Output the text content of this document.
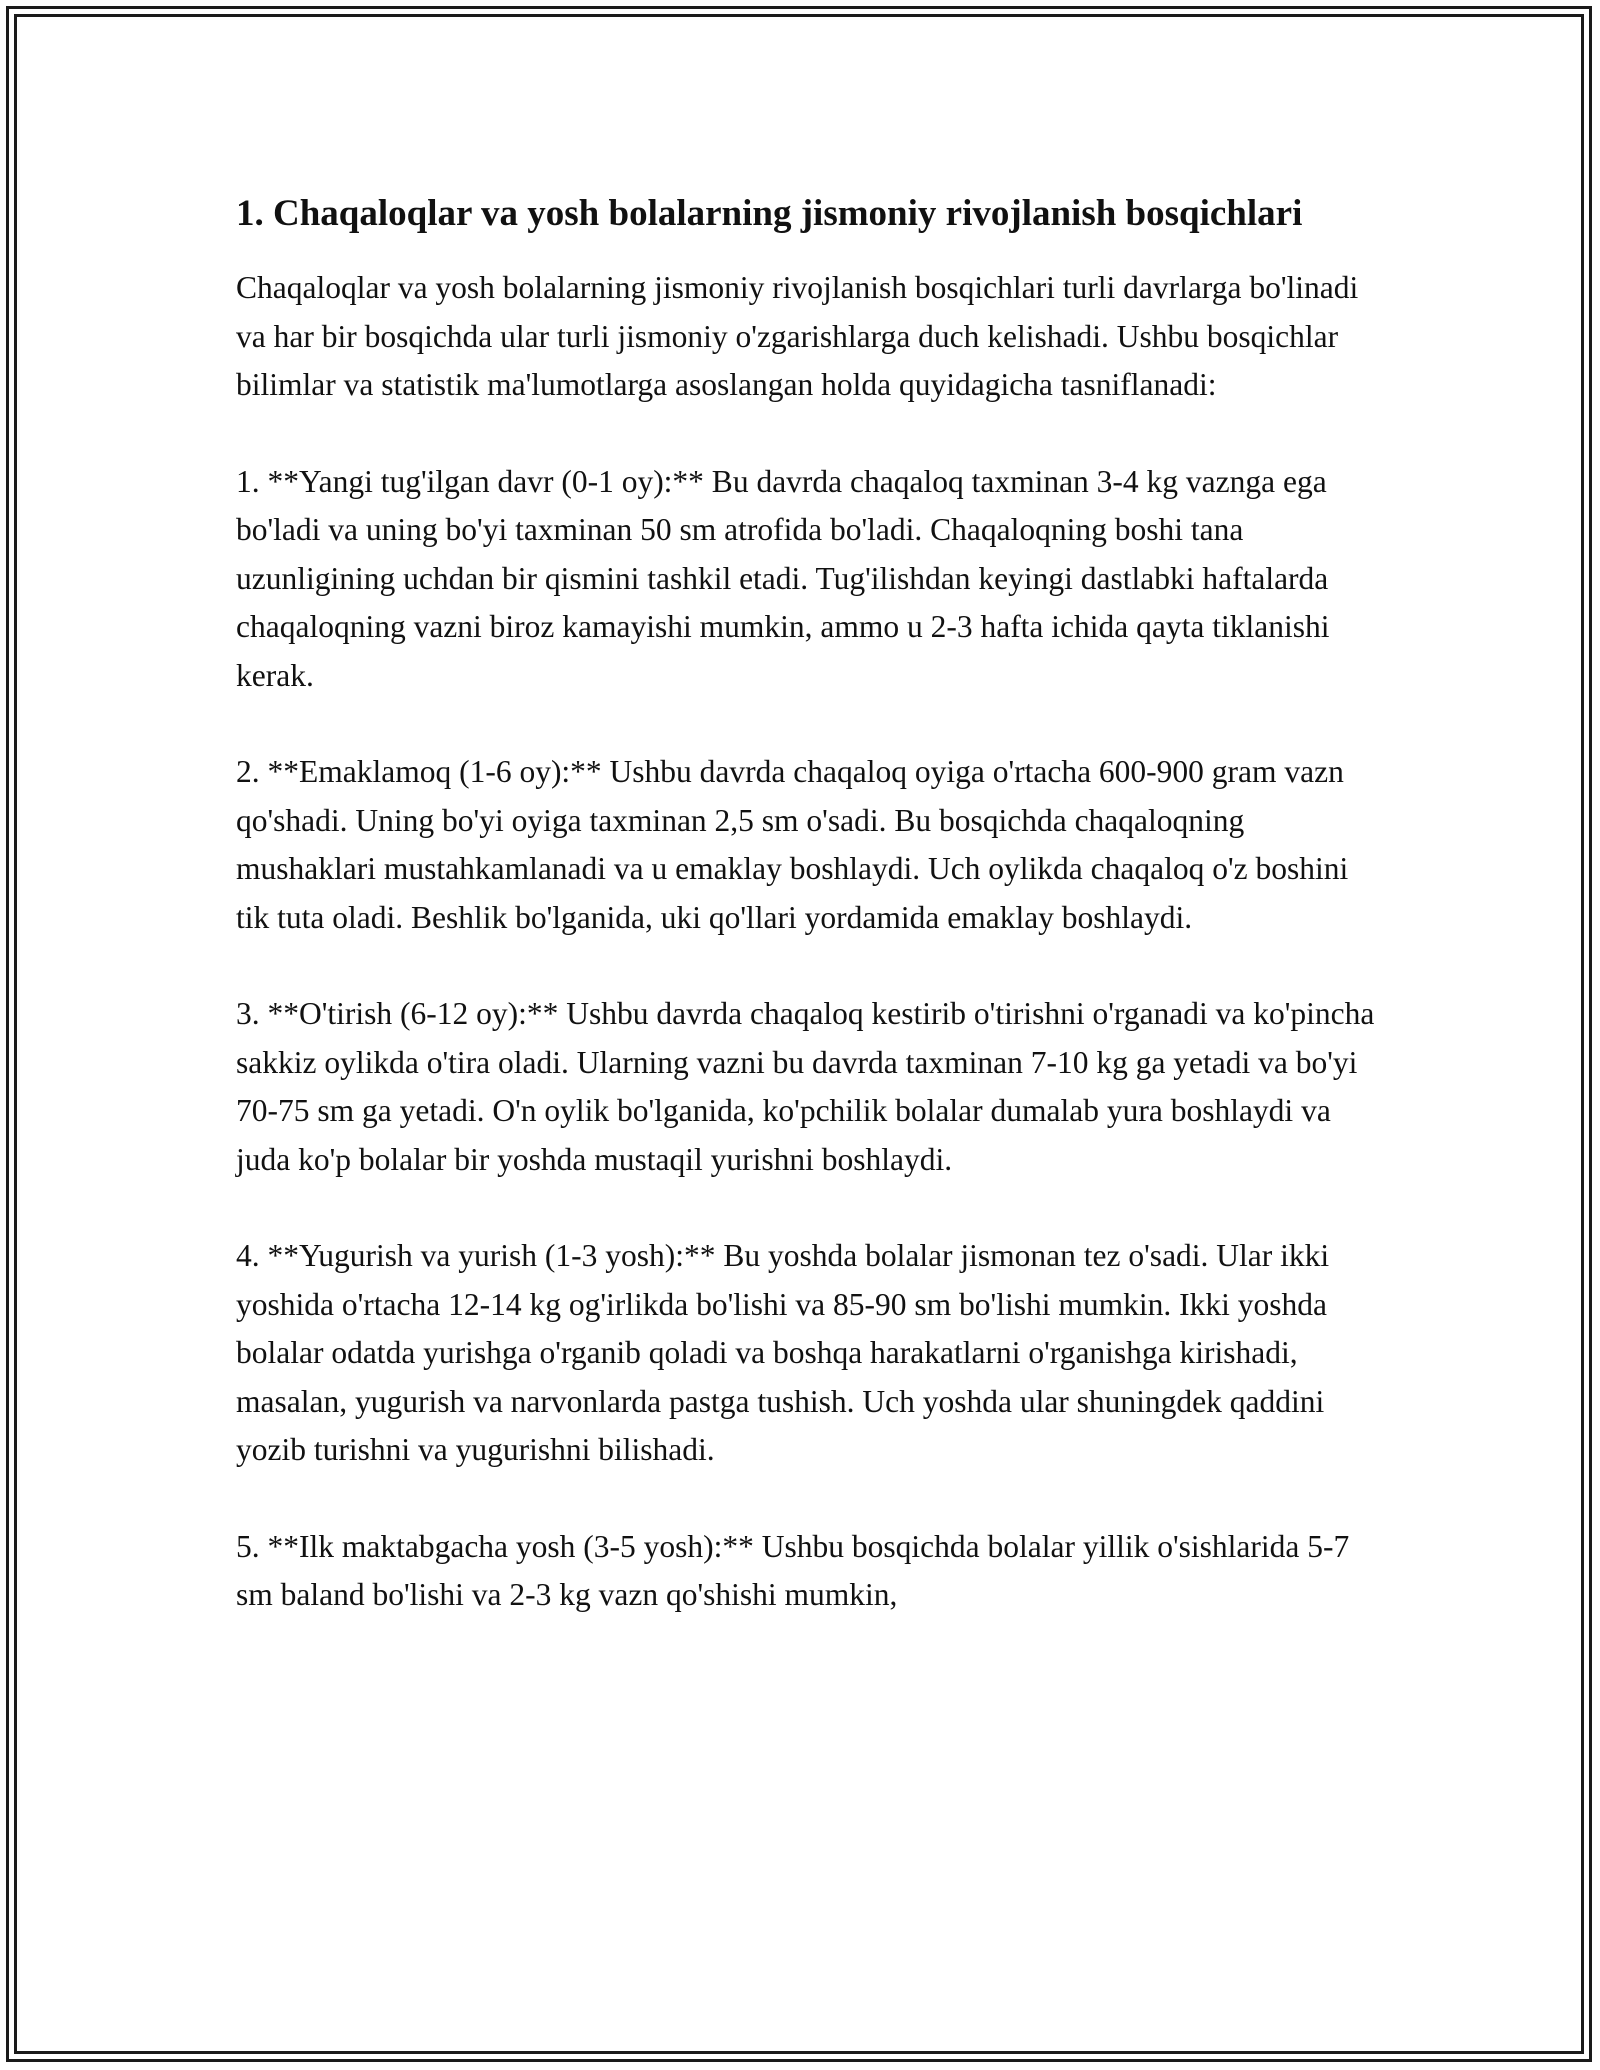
1. Chaqaloqlar va yosh bolalarning jismoniy rivojlanish bosqichlari

Chaqaloqlar va yosh bolalarning jismoniy rivojlanish bosqichlari turli davrlarga bo'linadi va har bir bosqichda ular turli jismoniy o'zgarishlarga duch kelishadi. Ushbu bosqichlar bilimlar va statistik ma'lumotlarga asoslangan holda quyidagicha tasniflanadi:

1. **Yangi tug'ilgan davr (0-1 oy):** Bu davrda chaqaloq taxminan 3-4 kg vaznga ega bo'ladi va uning bo'yi taxminan 50 sm atrofida bo'ladi. Chaqaloqning boshi tana uzunligining uchdan bir qismini tashkil etadi. Tug'ilishdan keyingi dastlabki haftalarda chaqaloqning vazni biroz kamayishi mumkin, ammo u 2-3 hafta ichida qayta tiklanishi kerak.

2. **Emaklamoq (1-6 oy):** Ushbu davrda chaqaloq oyiga o'rtacha 600-900 gram vazn qo'shadi. Uning bo'yi oyiga taxminan 2,5 sm o'sadi. Bu bosqichda chaqaloqning mushaklari mustahkamlanadi va u emaklay boshlaydi. Uch oylikda chaqaloq o'z boshini tik tuta oladi. Beshlik bo'lganida, uki qo'llari yordamida emaklay boshlaydi.

3. **O'tirish (6-12 oy):** Ushbu davrda chaqaloq kestirib o'tirishni o'rganadi va ko'pincha sakkiz oylikda o'tira oladi. Ularning vazni bu davrda taxminan 7-10 kg ga yetadi va bo'yi 70-75 sm ga yetadi. O'n oylik bo'lganida, ko'pchilik bolalar dumalab yura boshlaydi va juda ko'p bolalar bir yoshda mustaqil yurishni boshlaydi.

4. **Yugurish va yurish (1-3 yosh):** Bu yoshda bolalar jismonan tez o'sadi. Ular ikki yoshida o'rtacha 12-14 kg og'irlikda bo'lishi va 85-90 sm bo'lishi mumkin. Ikki yoshda bolalar odatda yurishga o'rganib qoladi va boshqa harakatlarni o'rganishga kirishadi, masalan, yugurish va narvonlarda pastga tushish. Uch yoshda ular shuningdek qaddini yozib turishni va yugurishni bilishadi.

5. **Ilk maktabgacha yosh (3-5 yosh):** Ushbu bosqichda bolalar yillik o'sishlarida 5-7 sm baland bo'lishi va 2-3 kg vazn qo'shishi mumkin,
